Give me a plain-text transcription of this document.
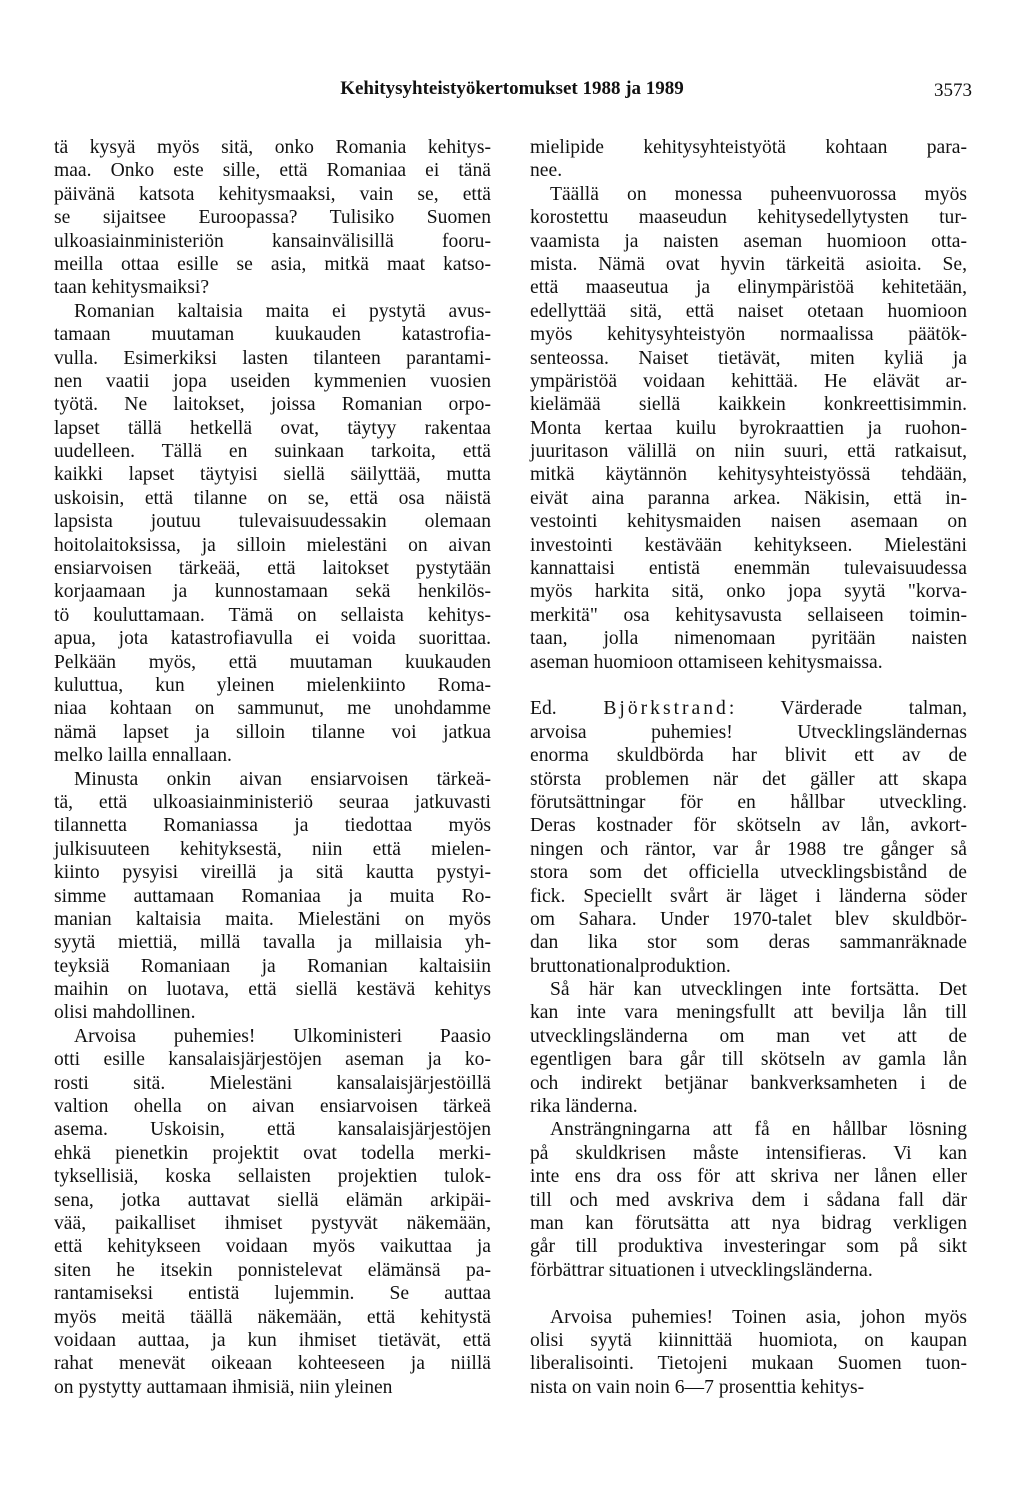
Kehitysyhteistyökertomukset 1988 ja 1989	3573
tä kysyä myös sitä, onko Romania kehitys-
maa. Onko este sille, että Romaniaa ei tänä
päivänä katsota kehitysmaaksi, vain se, että
se sijaitsee Euroopassa? Tulisiko Suomen
ulkoasiainministeriön kansainvälisillä fooru-
meilla ottaa esille se asia, mitkä maat katso-
taan kehitysmaiksi?
Romanian kaltaisia maita ei pystytä avus-
tamaan muutaman kuukauden katastrofia-
vulla. Esimerkiksi lasten tilanteen parantami-
nen vaatii jopa useiden kymmenien vuosien
työtä. Ne laitokset, joissa Romanian orpo-
lapset tällä hetkellä ovat, täytyy rakentaa
uudelleen. Tällä en suinkaan tarkoita, että
kaikki lapset täytyisi siellä säilyttää, mutta
uskoisin, että tilanne on se, että osa näistä
lapsista joutuu tulevaisuudessakin olemaan
hoitolaitoksissa, ja silloin mielestäni on aivan
ensiarvoisen tärkeää, että laitokset pystytään
korjaamaan ja kunnostamaan sekä henkilös-
tö kouluttamaan. Tämä on sellaista kehitys-
apua, jota katastrofiavulla ei voida suorittaa.
Pelkään myös, että muutaman kuukauden
kuluttua, kun yleinen mielenkiinto Roma-
niaa kohtaan on sammunut, me unohdamme
nämä lapset ja silloin tilanne voi jatkua
melko lailla ennallaan.
Minusta onkin aivan ensiarvoisen tärkeä-
tä, että ulkoasiainministeriö seuraa jatkuvasti
tilannetta Romaniassa ja tiedottaa myös
julkisuuteen kehityksestä, niin että mielen-
kiinto pysyisi vireillä ja sitä kautta pystyi-
simme auttamaan Romaniaa ja muita Ro-
manian kaltaisia maita. Mielestäni on myös
syytä miettiä, millä tavalla ja millaisia yh-
teyksiä Romaniaan ja Romanian kaltaisiin
maihin on luotava, että siellä kestävä kehitys
olisi mahdollinen.
Arvoisa puhemies! Ulkoministeri Paasio
otti esille kansalaisjärjestöjen aseman ja ko-
rosti sitä. Mielestäni kansalaisjärjestöillä
valtion ohella on aivan ensiarvoisen tärkeä
asema. Uskoisin, että kansalaisjärjestöjen
ehkä pienetkin projektit ovat todella merki-
tyksellisiä, koska sellaisten projektien tulok-
sena, jotka auttavat siellä elämän arkipäi-
vää, paikalliset ihmiset pystyvät näkemään,
että kehitykseen voidaan myös vaikuttaa ja
siten he itsekin ponnistelevat elämänsä pa-
rantamiseksi entistä lujemmin. Se auttaa
myös meitä täällä näkemään, että kehitystä
voidaan auttaa, ja kun ihmiset tietävät, että
rahat menevät oikeaan kohteeseen ja niillä
on pystytty auttamaan ihmisiä, niin yleinen
mielipide kehitysyhteistyötä kohtaan para-
nee.
Täällä on monessa puheenvuorossa myös
korostettu maaseudun kehitysedellytysten tur-
vaamista ja naisten aseman huomioon otta-
mista. Nämä ovat hyvin tärkeitä asioita. Se,
että maaseutua ja elinympäristöä kehitetään,
edellyttää sitä, että naiset otetaan huomioon
myös kehitysyhteistyön normaalissa päätök-
senteossa. Naiset tietävät, miten kyliä ja
ympäristöä voidaan kehittää. He elävät ar-
kielämää siellä kaikkein konkreettisimmin.
Monta kertaa kuilu byrokraattien ja ruohon-
juuritason välillä on niin suuri, että ratkaisut,
mitkä käytännön kehitysyhteistyössä tehdään,
eivät aina paranna arkea. Näkisin, että in-
vestointi kehitysmaiden naisen asemaan on
investointi kestävään kehitykseen. Mielestäni
kannattaisi entistä enemmän tulevaisuudessa
myös harkita sitä, onko jopa syytä "korva-
merkitä" osa kehitysavusta sellaiseen toimin-
taan, jolla nimenomaan pyritään naisten
aseman huomioon ottamiseen kehitysmaissa.
Ed. Björkstrand: Värderade talman,
arvoisa puhemies! Utvecklingsländernas
enorma skuldbörda har blivit ett av de
största problemen när det gäller att skapa
förutsättningar för en hållbar utveckling.
Deras kostnader för skötseln av lån, avkort-
ningen och räntor, var år 1988 tre gånger så
stora som det officiella utvecklingsbistånd de
fick. Speciellt svårt är läget i länderna söder
om Sahara. Under 1970-talet blev skuldbör-
dan lika stor som deras sammanräknade
bruttonationalproduktion.
Så här kan utvecklingen inte fortsätta. Det
kan inte vara meningsfullt att bevilja lån till
utvecklingsländerna om man vet att de
egentligen bara går till skötseln av gamla lån
och indirekt betjänar bankverksamheten i de
rika länderna.
Ansträngningarna att få en hållbar lösning
på skuldkrisen måste intensifieras. Vi kan
inte ens dra oss för att skriva ner lånen eller
till och med avskriva dem i sådana fall där
man kan förutsätta att nya bidrag verkligen
går till produktiva investeringar som på sikt
förbättrar situationen i utvecklingsländerna.
Arvoisa puhemies! Toinen asia, johon myös
olisi syytä kiinnittää huomiota, on kaupan
liberalisointi. Tietojeni mukaan Suomen tuon-
nista on vain noin 6—7 prosenttia kehitys-
